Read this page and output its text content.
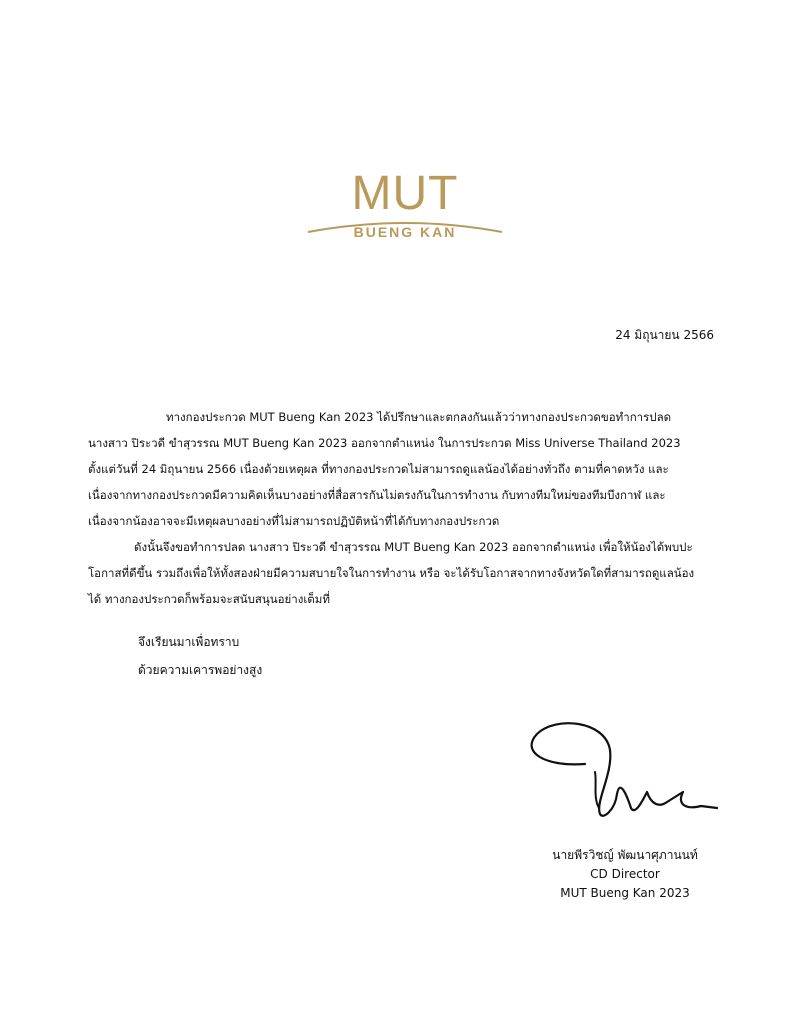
MUT
BUENG KAN
24 มิถุนายน 2566
ทางกองประกวด MUT Bueng Kan 2023 ได้ปรึกษาและตกลงกันแล้วว่าทางกองประกวดขอทำการปลด
นางสาว ปิระวดี ขำสุวรรณ MUT Bueng Kan 2023 ออกจากตำแหน่ง ในการประกวด Miss Universe Thailand 2023
ตั้งแต่วันที่ 24 มิถุนายน 2566 เนื่องด้วยเหตุผล ที่ทางกองประกวดไม่สามารถดูแลน้องได้อย่างทั่วถึง ตามที่คาดหวัง และ
เนื่องจากทางกองประกวดมีความคิดเห็นบางอย่างที่สื่อสารกันไม่ตรงกันในการทำงาน กับทางทีมใหม่ของทีมบึงกาฬ และ
เนื่องจากน้องอาจจะมีเหตุผลบางอย่างที่ไม่สามารถปฏิบัติหน้าที่ได้กับทางกองประกวด
ดังนั้นจึงขอทำการปลด นางสาว ปิระวดี ขำสุวรรณ MUT Bueng Kan 2023 ออกจากตำแหน่ง เพื่อให้น้องได้พบปะ
โอกาสที่ดีขึ้น รวมถึงเพื่อให้ทั้งสองฝ่ายมีความสบายใจในการทำงาน หรือ จะได้รับโอกาสจากทางจังหวัดใดที่สามารถดูแลน้อง
ได้ ทางกองประกวดก็พร้อมจะสนับสนุนอย่างเต็มที่
จึงเรียนมาเพื่อทราบ
ด้วยความเคารพอย่างสูง
นายพีรวิชญ์ พัฒนาศุภานนท์
CD Director
MUT Bueng Kan 2023
